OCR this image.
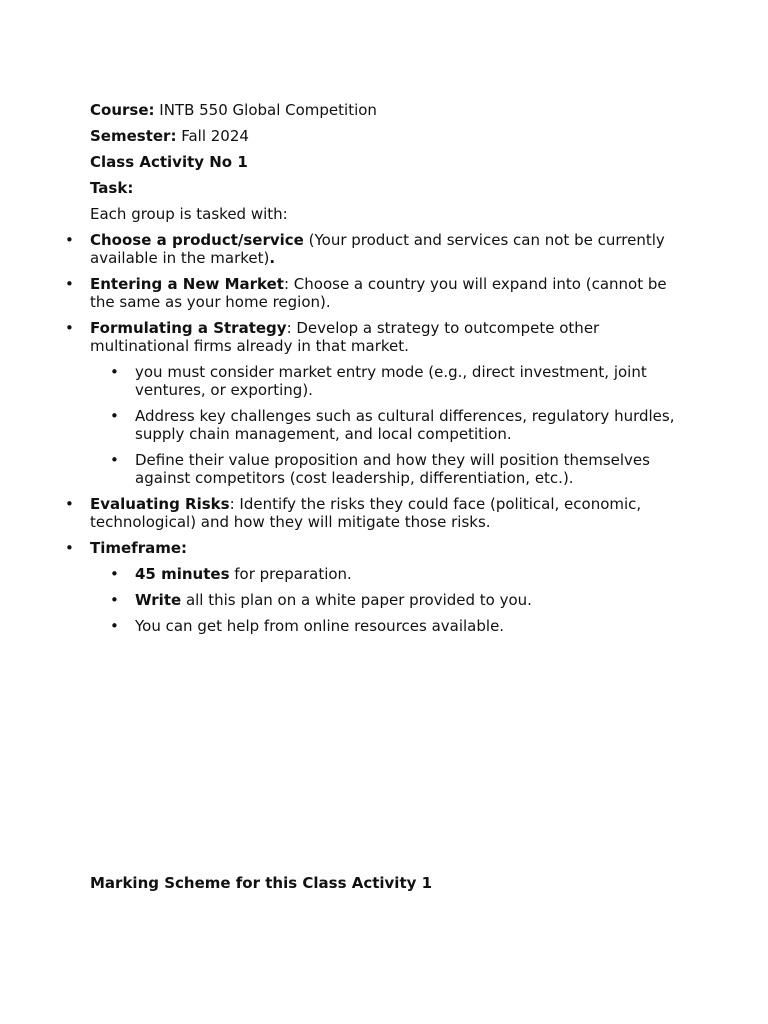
Course: INTB 550 Global Competition
Semester: Fall 2024
Class Activity No 1
Task:
Each group is tasked with:
• Choose a product/service (Your product and services can not be currently available in the market).
• Entering a New Market: Choose a country you will expand into (cannot be the same as your home region).
• Formulating a Strategy: Develop a strategy to outcompete other multinational firms already in that market.
• you must consider market entry mode (e.g., direct investment, joint ventures, or exporting).
• Address key challenges such as cultural differences, regulatory hurdles, supply chain management, and local competition.
• Define their value proposition and how they will position themselves against competitors (cost leadership, differentiation, etc.).
• Evaluating Risks: Identify the risks they could face (political, economic, technological) and how they will mitigate those risks.
• Timeframe:
• 45 minutes for preparation.
• Write all this plan on a white paper provided to you.
• You can get help from online resources available.
Marking Scheme for this Class Activity 1
